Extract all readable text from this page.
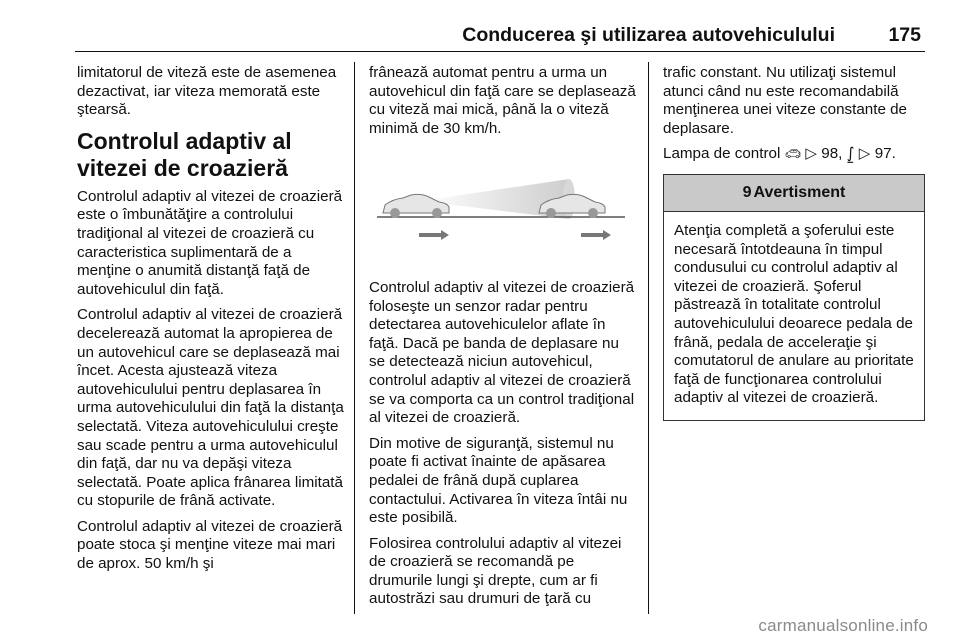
Conducerea şi utilizarea autovehiculului	175

limitatorul de viteză este de asemenea dezactivat, iar viteza memorată este ştearsă.

Controlul adaptiv al vitezei de croazieră

Controlul adaptiv al vitezei de croazieră este o îmbunătăţire a controlului tradiţional al vitezei de croazieră cu caracteristica suplimentară de a menţine o anumită distanţă faţă de autovehiculul din faţă.

Controlul adaptiv al vitezei de croazieră decelerează automat la apropierea de un autovehicul care se deplasează mai încet. Acesta ajustează viteza autovehiculului pentru deplasarea în urma autovehiculului din faţă la distanţa selectată. Viteza autovehiculului creşte sau scade pentru a urma autovehiculul din faţă, dar nu va depăşi viteza selectată. Poate aplica frânarea limitată cu stopurile de frână activate.

Controlul adaptiv al vitezei de croazieră poate stoca şi menţine viteze mai mari de aprox. 50 km/h şi

frânează automat pentru a urma un autovehicul din faţă care se deplasează cu viteză mai mică, până la o viteză minimă de 30 km/h.

Controlul adaptiv al vitezei de croazieră foloseşte un senzor radar pentru detectarea autovehiculelor aflate în faţă. Dacă pe banda de deplasare nu se detectează niciun autovehicul, controlul adaptiv al vitezei de croazieră se va comporta ca un control tradiţional al vitezei de croazieră.

Din motive de siguranţă, sistemul nu poate fi activat înainte de apăsarea pedalei de frână după cuplarea contactului. Activarea în viteza întâi nu este posibilă.

Folosirea controlului adaptiv al vitezei de croazieră se recomandă pe drumurile lungi şi drepte, cum ar fi autostrăzi sau drumuri de ţară cu

trafic constant. Nu utilizaţi sistemul atunci când nu este recomandabilă menţinerea unei viteze constante de deplasare.

Lampa de control 🚗︎ ▷ 98, ⨜ ▷ 97.

9 Avertisment
Atenţia completă a şoferului este necesară întotdeauna în timpul condusului cu controlul adaptiv al vitezei de croazieră. Şoferul păstrează în totalitate controlul autovehiculului deoarece pedala de frână, pedala de acceleraţie şi comutatorul de anulare au prioritate faţă de funcţionarea controlului adaptiv al vitezei de croazieră.
carmanualsonline.info
